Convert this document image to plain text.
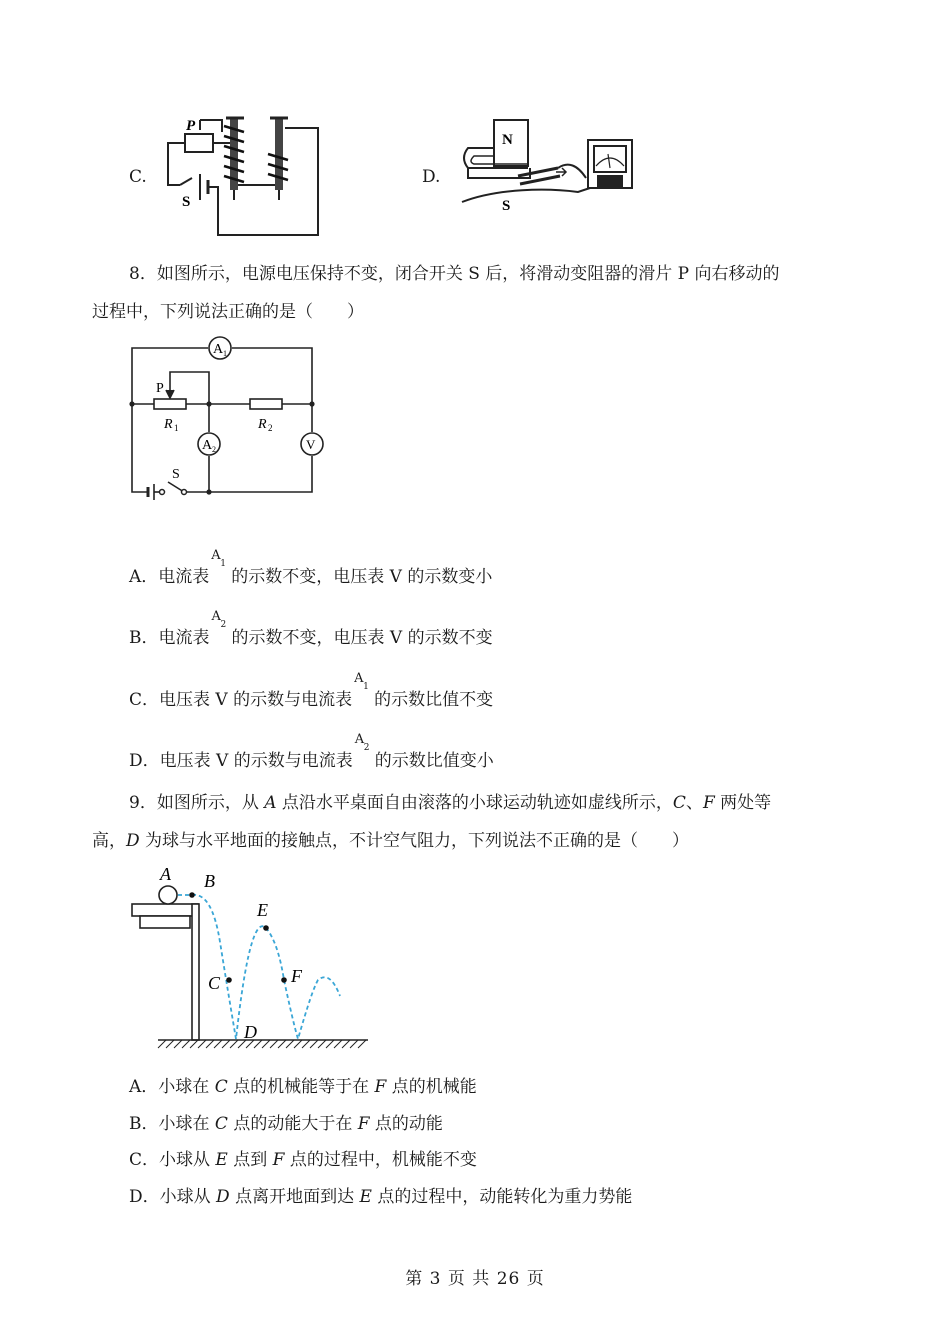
C.
P
S
D.
N
S
8．如图所示，电源电压保持不变，闭合开关 S 后，将滑动变阻器的滑片 P 向右移动的
过程中，下列说法正确的是（　　）
A 1
A 2	V
P
R 1	R 2
S
A．电流表
A
1
的示数不变，电压表 V 的示数变小
B．电流表
A
2
的示数不变，电压表 V 的示数不变
C．电压表 V 的示数与电流表
A
1
的示数比值不变
D．电压表 V 的示数与电流表
A
2
的示数比值变小
9．如图所示，从 A 点沿水平桌面自由滚落的小球运动轨迹如虚线所示，C、F 两处等
高，D 为球与水平地面的接触点，不计空气阻力，下列说法不正确的是（　　）
A B
C
D
E
F
A．小球在 C 点的机械能等于在 F 点的机械能
B．小球在 C 点的动能大于在 F 点的动能
C．小球从 E 点到 F 点的过程中，机械能不变
D．小球从 D 点离开地面到达 E 点的过程中，动能转化为重力势能
第 3 页 共 26 页
